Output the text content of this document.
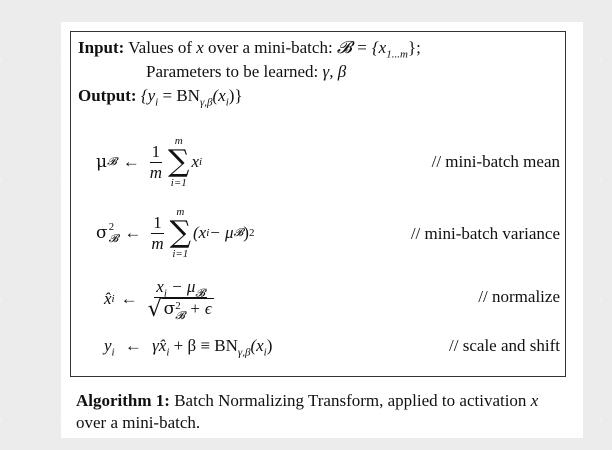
Input: Values of x over a mini-batch: 𝓑 = $\{x_{1...m}\}$;
Parameters to be learned: γ, β
Output: $\{y_i = BN_{\gamma,\beta}(x_i)\}$
μ 𝓑 ← $\frac{1}{m}$
m
∑
i=1
x i	// mini-batch mean
σ 2
𝓑 ← $\frac{1}{m}$
m
∑
i=1
(x i − μ 𝓑 ) 2	// mini-batch variance
x̂ i ← $x_i - \mu_𝓑$
√ σ 2
𝓑 + ϵ	// normalize
$y_i$ ← $\gamma x̂_i + \beta \equiv BN_{\gamma,\beta}(x_i)$	// scale and shift
Algorithm 1: Batch Normalizing Transform, applied to activation x over a mini-batch.
